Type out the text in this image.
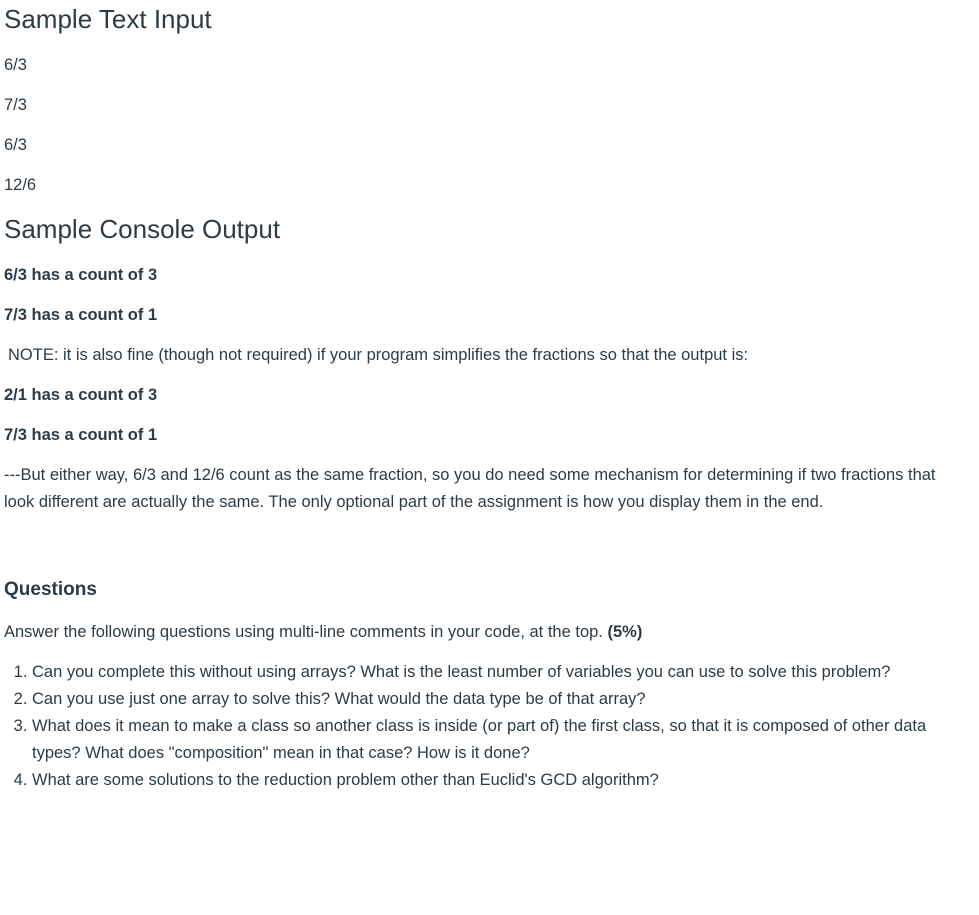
Sample Text Input

6/3

7/3

6/3

12/6

Sample Console Output

6/3 has a count of 3

7/3 has a count of 1

NOTE: it is also fine (though not required) if your program simplifies the fractions so that the output is:

2/1 has a count of 3

7/3 has a count of 1

---But either way, 6/3 and 12/6 count as the same fraction, so you do need some mechanism for determining if two fractions that look different are actually the same. The only optional part of the assignment is how you display them in the end.

Questions

Answer the following questions using multi-line comments in your code, at the top. (5%)

1. Can you complete this without using arrays? What is the least number of variables you can use to solve this problem?
2. Can you use just one array to solve this? What would the data type be of that array?
3. What does it mean to make a class so another class is inside (or part of) the first class, so that it is composed of other data types? What does "composition" mean in that case? How is it done?
4. What are some solutions to the reduction problem other than Euclid's GCD algorithm?
